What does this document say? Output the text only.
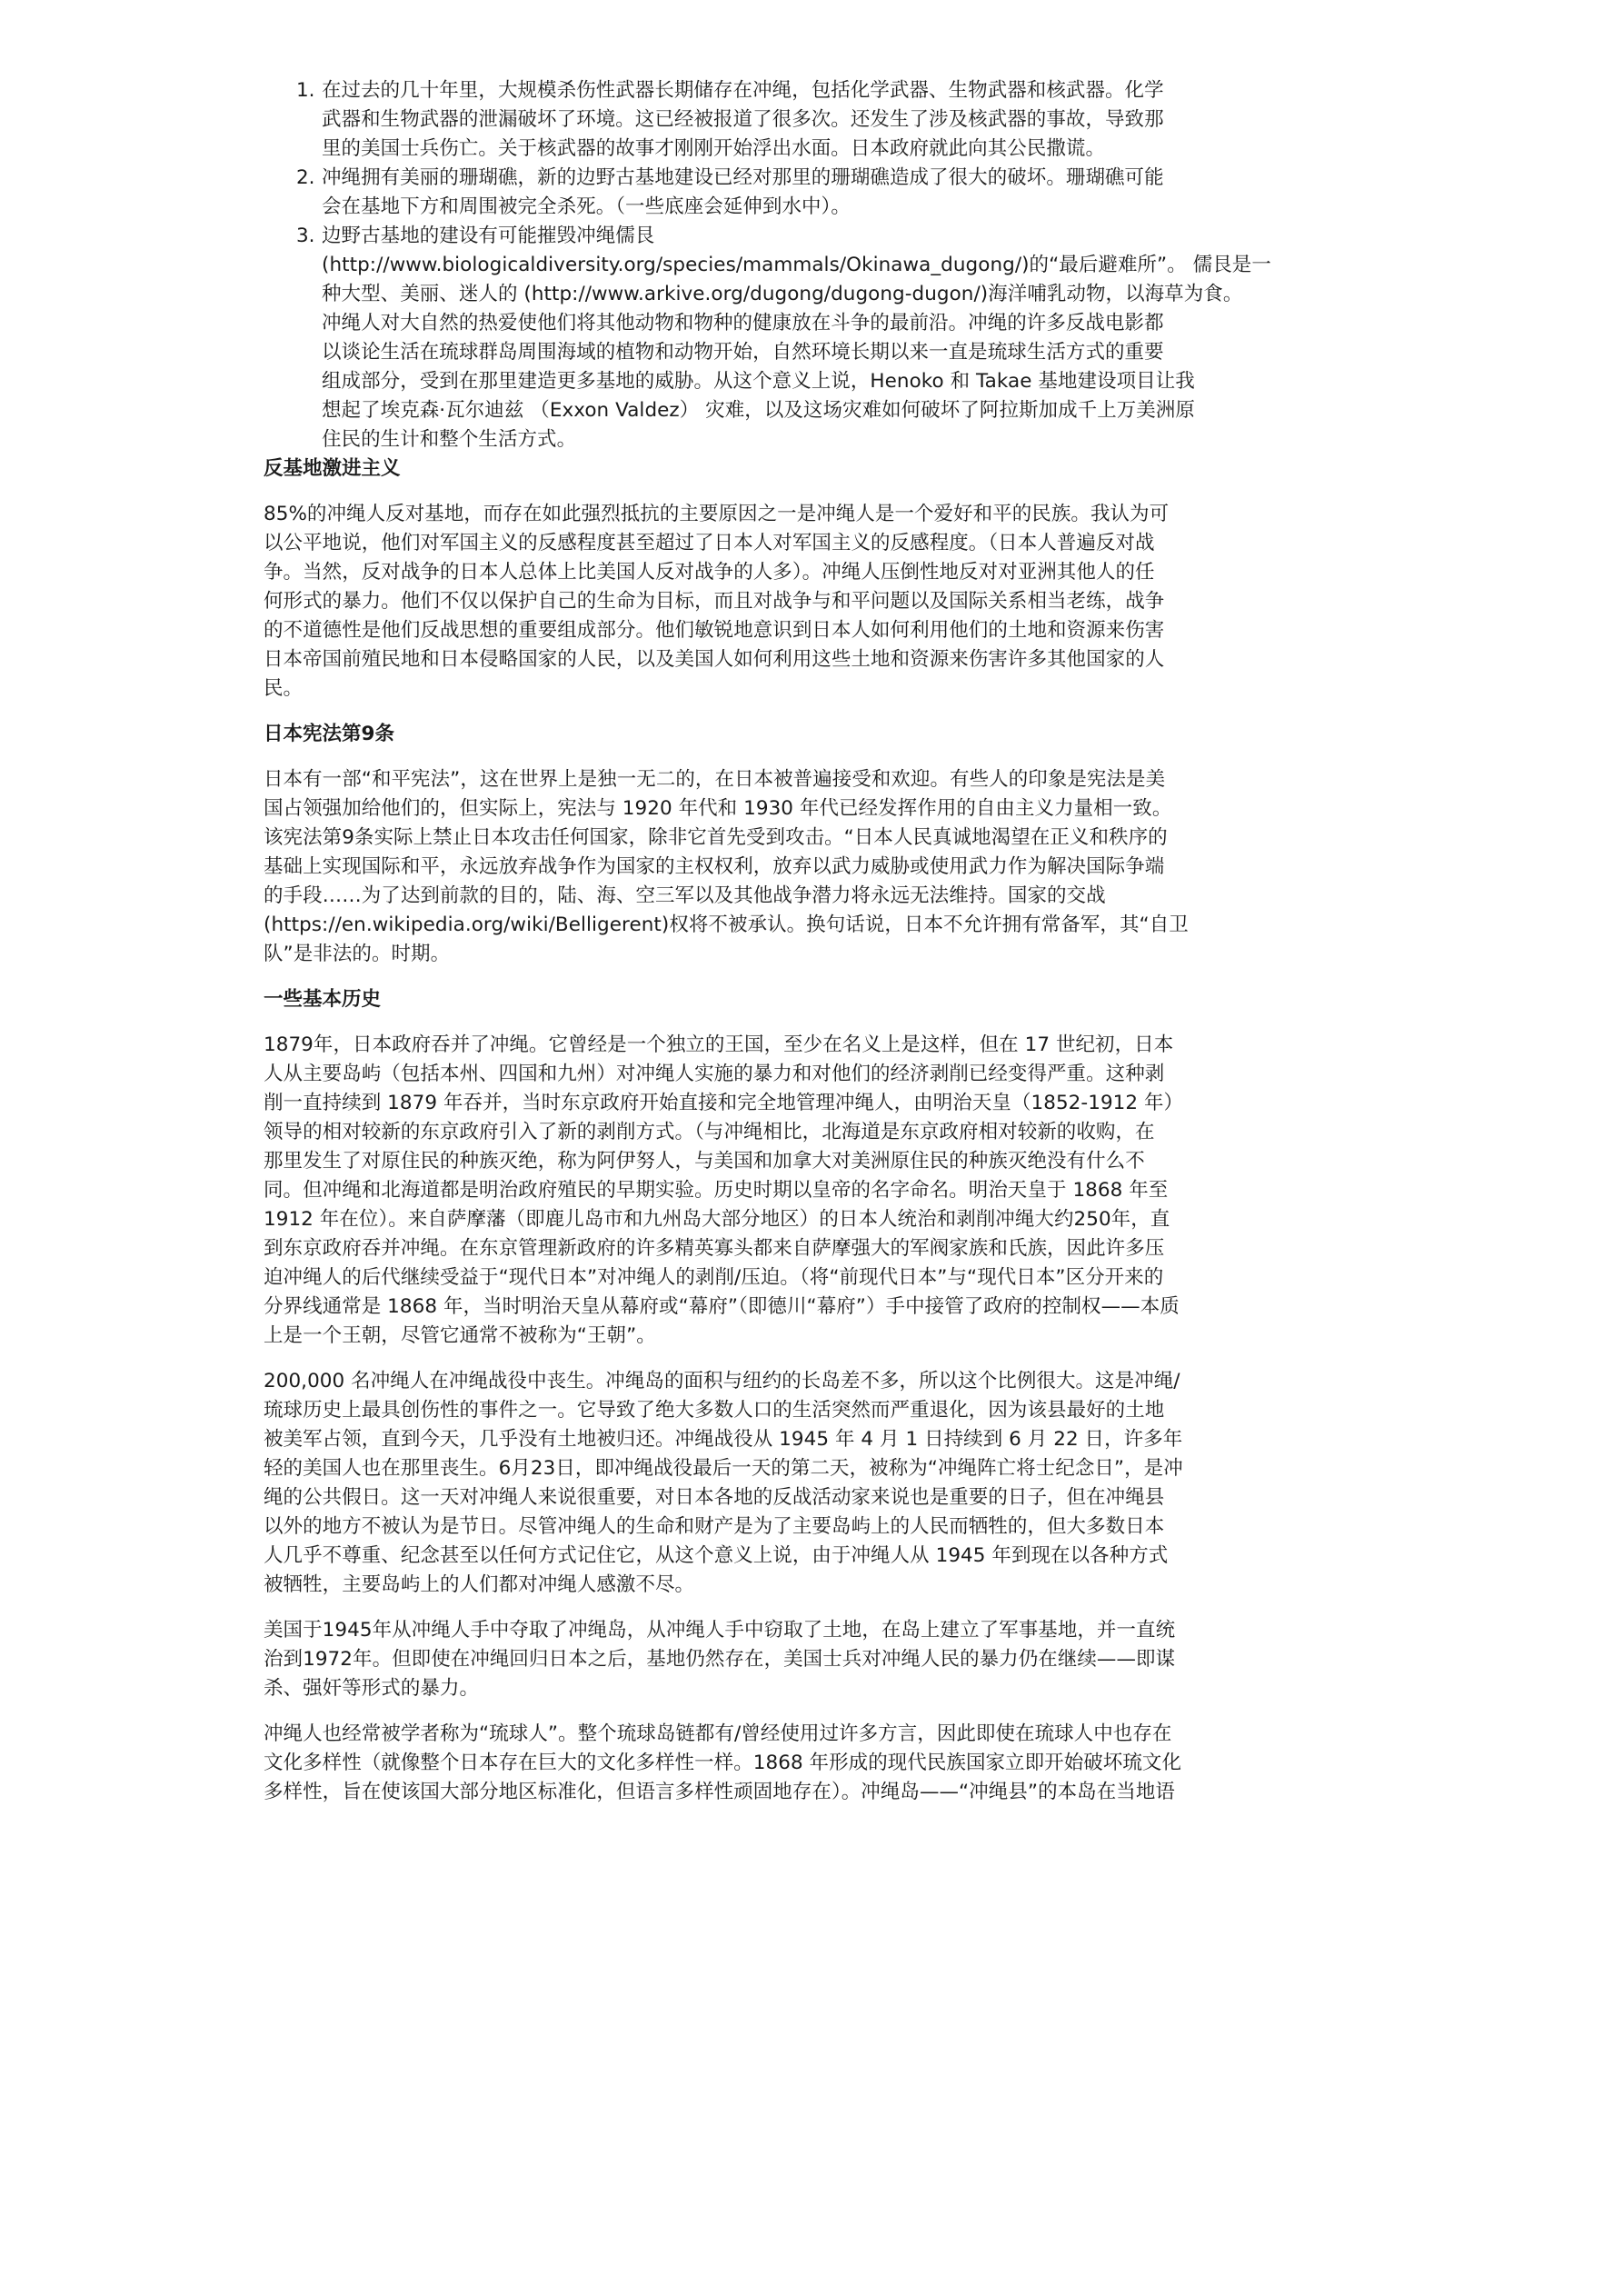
1. 在过去的几十年里，大规模杀伤性武器长期储存在冲绳，包括化学武器、生物武器和核武器。化学
武器和生物武器的泄漏破坏了环境。这已经被报道了很多次。还发生了涉及核武器的事故，导致那
里的美国士兵伤亡。关于核武器的故事才刚刚开始浮出水面。日本政府就此向其公民撒谎。
2. 冲绳拥有美丽的珊瑚礁，新的边野古基地建设已经对那里的珊瑚礁造成了很大的破坏。珊瑚礁可能
会在基地下方和周围被完全杀死。（一些底座会延伸到水中）。
3. 边野古基地的建设有可能摧毁冲绳儒艮
(http://www.biologicaldiversity.org/species/mammals/Okinawa_dugong/)的“最后避难所”。 儒艮是一
种大型、美丽、迷人的 (http://www.arkive.org/dugong/dugong-dugon/)海洋哺乳动物，以海草为食。
冲绳人对大自然的热爱使他们将其他动物和物种的健康放在斗争的最前沿。冲绳的许多反战电影都
以谈论生活在琉球群岛周围海域的植物和动物开始，自然环境长期以来一直是琉球生活方式的重要
组成部分，受到在那里建造更多基地的威胁。从这个意义上说，Henoko 和 Takae 基地建设项目让我
想起了埃克森·瓦尔迪兹 （Exxon Valdez） 灾难，以及这场灾难如何破坏了阿拉斯加成千上万美洲原
住民的生计和整个生活方式。
反基地激进主义
85%的冲绳人反对基地，而存在如此强烈抵抗的主要原因之一是冲绳人是一个爱好和平的民族。我认为可
以公平地说，他们对军国主义的反感程度甚至超过了日本人对军国主义的反感程度。（日本人普遍反对战
争。当然，反对战争的日本人总体上比美国人反对战争的人多）。冲绳人压倒性地反对对亚洲其他人的任
何形式的暴力。他们不仅以保护自己的生命为目标，而且对战争与和平问题以及国际关系相当老练，战争
的不道德性是他们反战思想的重要组成部分。他们敏锐地意识到日本人如何利用他们的土地和资源来伤害
日本帝国前殖民地和日本侵略国家的人民，以及美国人如何利用这些土地和资源来伤害许多其他国家的人
民。
日本宪法第9条
日本有一部“和平宪法”，这在世界上是独一无二的，在日本被普遍接受和欢迎。有些人的印象是宪法是美
国占领强加给他们的，但实际上，宪法与 1920 年代和 1930 年代已经发挥作用的自由主义力量相一致。
该宪法第9条实际上禁止日本攻击任何国家，除非它首先受到攻击。“日本人民真诚地渴望在正义和秩序的
基础上实现国际和平，永远放弃战争作为国家的主权权利，放弃以武力威胁或使用武力作为解决国际争端
的手段……为了达到前款的目的，陆、海、空三军以及其他战争潜力将永远无法维持。国家的交战
(https://en.wikipedia.org/wiki/Belligerent)权将不被承认。换句话说，日本不允许拥有常备军，其“自卫
队”是非法的。时期。
一些基本历史
1879年，日本政府吞并了冲绳。它曾经是一个独立的王国，至少在名义上是这样，但在 17 世纪初，日本
人从主要岛屿（包括本州、四国和九州）对冲绳人实施的暴力和对他们的经济剥削已经变得严重。这种剥
削一直持续到 1879 年吞并，当时东京政府开始直接和完全地管理冲绳人，由明治天皇（1852-1912 年）
领导的相对较新的东京政府引入了新的剥削方式。（与冲绳相比，北海道是东京政府相对较新的收购，在
那里发生了对原住民的种族灭绝，称为阿伊努人，与美国和加拿大对美洲原住民的种族灭绝没有什么不
同。但冲绳和北海道都是明治政府殖民的早期实验。历史时期以皇帝的名字命名。明治天皇于 1868 年至
1912 年在位）。来自萨摩藩（即鹿儿岛市和九州岛大部分地区）的日本人统治和剥削冲绳大约250年，直
到东京政府吞并冲绳。在东京管理新政府的许多精英寡头都来自萨摩强大的军阀家族和氏族，因此许多压
迫冲绳人的后代继续受益于“现代日本”对冲绳人的剥削/压迫。（将“前现代日本”与“现代日本”区分开来的
分界线通常是 1868 年，当时明治天皇从幕府或“幕府”（即德川“幕府”）手中接管了政府的控制权——本质
上是一个王朝，尽管它通常不被称为“王朝”。
200,000 名冲绳人在冲绳战役中丧生。冲绳岛的面积与纽约的长岛差不多，所以这个比例很大。这是冲绳/
琉球历史上最具创伤性的事件之一。它导致了绝大多数人口的生活突然而严重退化，因为该县最好的土地
被美军占领，直到今天，几乎没有土地被归还。冲绳战役从 1945 年 4 月 1 日持续到 6 月 22 日，许多年
轻的美国人也在那里丧生。6月23日，即冲绳战役最后一天的第二天，被称为“冲绳阵亡将士纪念日”，是冲
绳的公共假日。这一天对冲绳人来说很重要，对日本各地的反战活动家来说也是重要的日子，但在冲绳县
以外的地方不被认为是节日。尽管冲绳人的生命和财产是为了主要岛屿上的人民而牺牲的，但大多数日本
人几乎不尊重、纪念甚至以任何方式记住它，从这个意义上说，由于冲绳人从 1945 年到现在以各种方式
被牺牲，主要岛屿上的人们都对冲绳人感激不尽。
美国于1945年从冲绳人手中夺取了冲绳岛，从冲绳人手中窃取了土地，在岛上建立了军事基地，并一直统
治到1972年。但即使在冲绳回归日本之后，基地仍然存在，美国士兵对冲绳人民的暴力仍在继续——即谋
杀、强奸等形式的暴力。
冲绳人也经常被学者称为“琉球人”。整个琉球岛链都有/曾经使用过许多方言，因此即使在琉球人中也存在
文化多样性（就像整个日本存在巨大的文化多样性一样。1868 年形成的现代民族国家立即开始破坏琉文化
多样性，旨在使该国大部分地区标准化，但语言多样性顽固地存在）。冲绳岛——“冲绳县”的本岛在当地语
